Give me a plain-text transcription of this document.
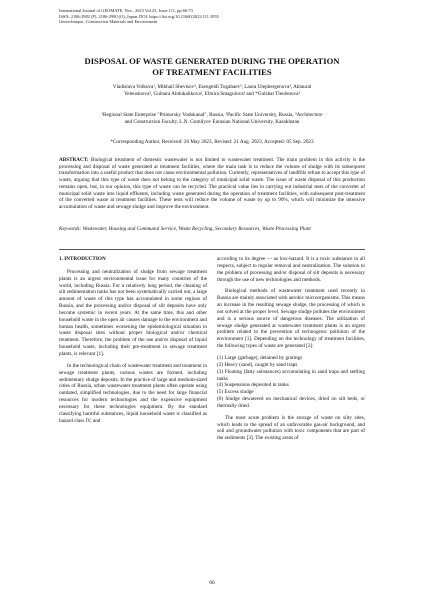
International Journal of GEOMATE, Nov., 2023 Vol.25, Issue 111, pp.66-73
ISSN: 2186-2982 (P), 2186-2990 (O), Japan, DOI: https://doi.org/10.21660/2023.111.3955
Geotechnique, Construction Materials and Environment
DISPOSAL OF WASTE GENERATED DURING THE OPERATION
OF TREATMENT FACILITIES
Vladislava Volkova¹, Mikhail Shevtsov², Esengeldi Togabaev³, Laura Utepbergenova³, Aktaural
Yeleusinova³, Gulnara Abdukalikova³, Elmira Smagulova³ and *Gulshat Tleulenova³
¹Regional State Enterprise "Primorsky Vodokanal", Russia, ²Pacific State University, Russia, ³Architecture
and Construction Faculty, L.N. Gumilyov Eurasian National University, Kazakhstan
*Corresponding Author, Received: 26 May 2023, Revised: 21 Aug. 2023, Accepted: 05 Sep. 2023
ABSTRACT: Biological treatment of domestic wastewater is not limited to wastewater treatment. The main problem in this activity is the processing and disposal of waste generated at treatment facilities, where the main task is to reduce the volume of sludge with its subsequent transformation into a useful product that does not cause environmental pollution. Currently, representatives of landfills refuse to accept this type of waste, arguing that this type of waste does not belong to the category of municipal solid waste. The issue of waste disposal of this production remains open, but, in our opinion, this type of waste can be recycled. The practical value lies in carrying out industrial tests of the converter of municipal solid waste into liquid effluents, including waste generated during the operation of treatment facilities, with subsequent post-treatment of the converted waste at treatment facilities. These tests will reduce the volume of waste by up to 90%, which will minimize the intensive accumulation of waste and sewage sludge and improve the environment.
Keywords: Wastewater, Housing and Communal Service, Waste Recycling, Secondary Resources, Waste Processing Plant
1. INTRODUCTION

Processing and neutralization of sludge from sewage treatment plants is an urgent environmental issue for many countries of the world, including Russia. For a relatively long period, the cleaning of silt sedimentation tanks has not been systematically carried out, a large amount of waste of this type has accumulated in some regions of Russia, and the processing and/or disposal of silt deposits have only become systemic in recent years. At the same time, this and other household waste in the open air causes damage to the environment and human health, sometimes worsening the epidemiological situation in waste disposal sites without proper biological and/or chemical treatment. Therefore, the problem of the use and/or disposal of liquid household waste, including their pre-treatment in sewage treatment plants, is relevant [1].

In the technological chain of wastewater treatment and treatment in sewage treatment plants, various wastes are formed, including sedimentary sludge deposits. In the practice of large and medium-sized cities of Russia, urban wastewater treatment plants often operate using outdated, simplified technologies, due to the need for large financial resources for modern technologies and the expensive equipment necessary for these technologies equipment. By the standard classifying harmful substances, liquid household waste is classified as hazard class IV, and

according to its degree — as low-hazard. It is a toxic substance in all respects, subject to regular removal and neutralization. The solution to the problem of processing and/or disposal of silt deposits is necessary through the use of new technologies and methods.

Biological methods of wastewater treatment used recently in Russia are mainly associated with aerobic microorganisms. This means an increase in the resulting sewage sludge, the processing of which is not solved at the proper level. Sewage sludge pollutes the environment and is a serious source of dangerous diseases. The utilization of sewage sludge generated at wastewater treatment plants is an urgent problem related to the prevention of technogenic pollution of the environment [1]. Depending on the technology of treatment facilities, the following types of waste are generated [2]:

(1) Large (garbage), detained by gratings
(2) Heavy (sand), caught by sand traps
(3) Floating (fatty substances) accumulating in sand traps and settling tanks
(4) Suspensions deposited in tanks
(5) Excess sludge
(6) Sludge dewatered on mechanical devices, dried on silt beds, or thermally dried.

The most acute problem is the storage of waste on silty sites, which leads to the spread of an unfavorable gas-air background, and soil and groundwater pollution with toxic components that are part of the sediments [3]. The existing areas of

66
